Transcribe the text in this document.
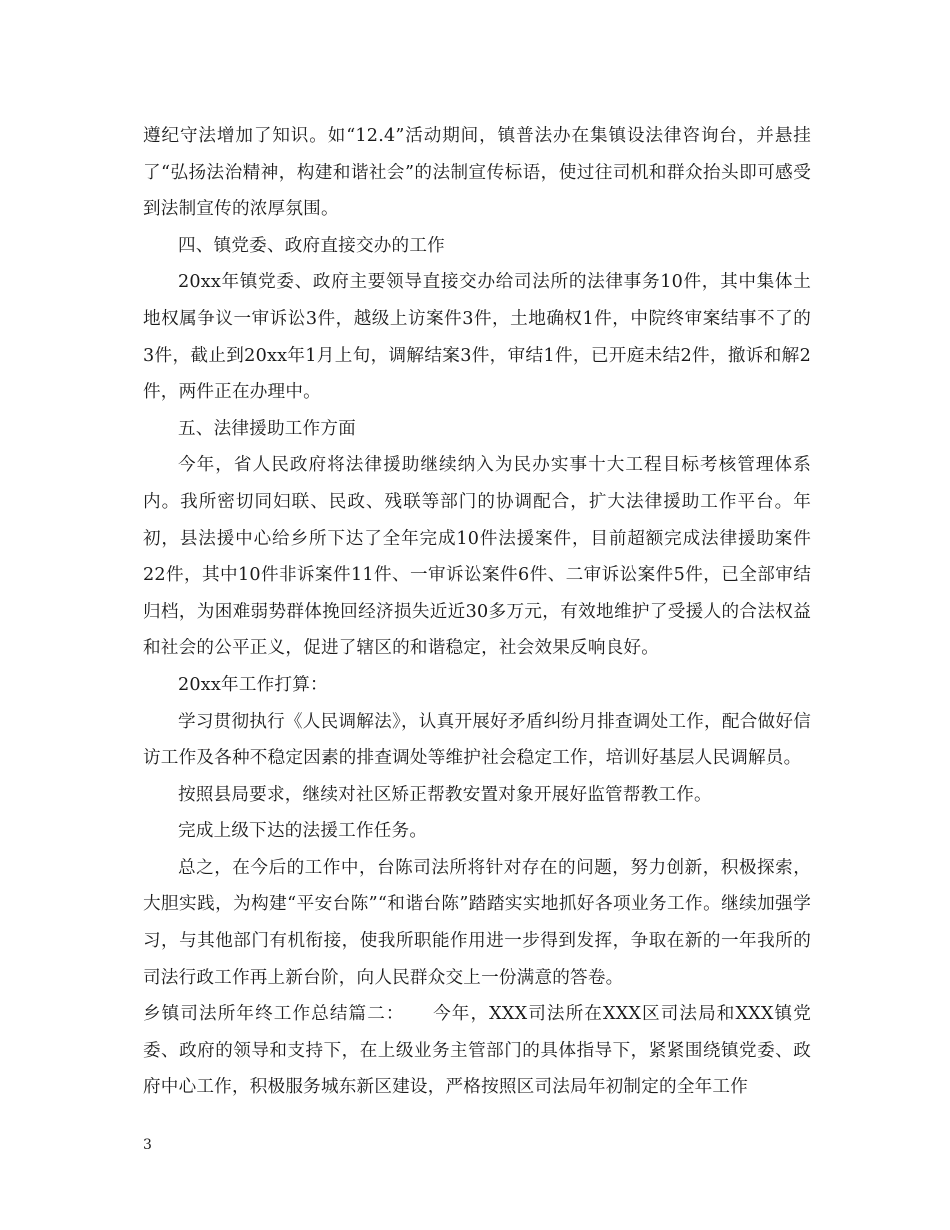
遵纪守法增加了知识。如“12.4”活动期间，镇普法办在集镇设法律咨询台，并悬挂了“弘扬法治精神，构建和谐社会”的法制宣传标语，使过往司机和群众抬头即可感受到法制宣传的浓厚氛围。

四、镇党委、政府直接交办的工作

20xx年镇党委、政府主要领导直接交办给司法所的法律事务10件，其中集体土地权属争议一审诉讼3件，越级上访案件3件，土地确权1件，中院终审案结事不了的3件，截止到20xx年1月上旬，调解结案3件，审结1件，已开庭未结2件，撤诉和解2件，两件正在办理中。

五、法律援助工作方面

今年，省人民政府将法律援助继续纳入为民办实事十大工程目标考核管理体系内。我所密切同妇联、民政、残联等部门的协调配合，扩大法律援助工作平台。年初，县法援中心给乡所下达了全年完成10件法援案件，目前超额完成法律援助案件22件，其中10件非诉案件11件、一审诉讼案件6件、二审诉讼案件5件，已全部审结归档，为困难弱势群体挽回经济损失近近30多万元，有效地维护了受援人的合法权益和社会的公平正义，促进了辖区的和谐稳定，社会效果反响良好。

20xx年工作打算：

学习贯彻执行《人民调解法》，认真开展好矛盾纠纷月排查调处工作，配合做好信访工作及各种不稳定因素的排查调处等维护社会稳定工作，培训好基层人民调解员。

按照县局要求，继续对社区矫正帮教安置对象开展好监管帮教工作。

完成上级下达的法援工作任务。

总之，在今后的工作中，台陈司法所将针对存在的问题，努力创新，积极探索，大胆实践，为构建“平安台陈”“和谐台陈”踏踏实实地抓好各项业务工作。继续加强学习，与其他部门有机衔接，使我所职能作用进一步得到发挥，争取在新的一年我所的司法行政工作再上新台阶，向人民群众交上一份满意的答卷。

乡镇司法所年终工作总结篇二：　　今年，XXX司法所在XXX区司法局和XXX镇党委、政府的领导和支持下，在上级业务主管部门的具体指导下，紧紧围绕镇党委、政府中心工作，积极服务城东新区建设，严格按照区司法局年初制定的全年工作

3
